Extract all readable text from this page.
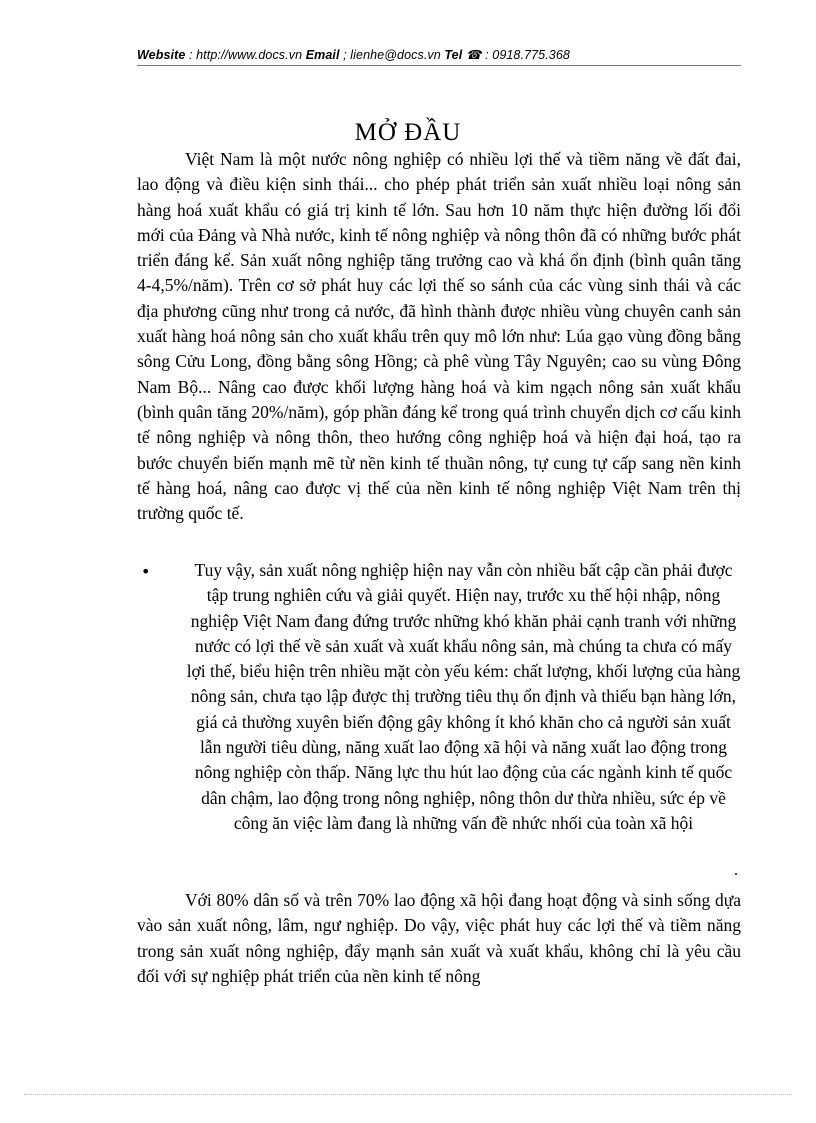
Website : http://www.docs.vn Email ; lienhe@docs.vn Tel ☎ : 0918.775.368
MỞ ĐẦU
Việt Nam là một nước nông nghiệp có nhiều lợi thế và tiềm năng về đất đai, lao động và điều kiện sinh thái... cho phép phát triển sản xuất nhiều loại nông sản hàng hoá xuất khẩu có giá trị kinh tế lớn. Sau hơn 10 năm thực hiện đường lối đổi mới của Đảng và Nhà nước, kinh tế nông nghiệp và nông thôn đã có những bước phát triển đáng kể. Sản xuất nông nghiệp tăng trưởng cao và khá ổn định (bình quân tăng 4-4,5%/năm). Trên cơ sở phát huy các lợi thế so sánh của các vùng sinh thái và các địa phương cũng như trong cả nước, đã hình thành được nhiều vùng chuyên canh sản xuất hàng hoá nông sản cho xuất khẩu trên quy mô lớn như: Lúa gạo vùng đồng bằng sông Cửu Long, đồng bằng sông Hồng; cà phê vùng Tây Nguyên; cao su vùng Đông Nam Bộ... Nâng cao được khối lượng hàng hoá và kim ngạch nông sản xuất khẩu (bình quân tăng 20%/năm), góp phần đáng kể trong quá trình chuyển dịch cơ cấu kinh tế nông nghiệp và nông thôn, theo hướng công nghiệp hoá và hiện đại hoá, tạo ra bước chuyển biến mạnh mẽ từ nền kinh tế thuần nông, tự cung tự cấp sang nền kinh tế hàng hoá, nâng cao được vị thế của nền kinh tế nông nghiệp Việt Nam trên thị trường quốc tế.
•	Tuy vậy, sản xuất nông nghiệp hiện nay vẫn còn nhiều bất cập cần phải được tập trung nghiên cứu và giải quyết. Hiện nay, trước xu thế hội nhập, nông nghiệp Việt Nam đang đứng trước những khó khăn phải cạnh tranh với những nước có lợi thế về sản xuất và xuất khẩu nông sản, mà chúng ta chưa có mấy lợi thế, biểu hiện trên nhiều mặt còn yếu kém: chất lượng, khối lượng của hàng nông sản, chưa tạo lập được thị trường tiêu thụ ổn định và thiếu bạn hàng lớn, giá cả thường xuyên biến động gây không ít khó khăn cho cả người sản xuất lẫn người tiêu dùng, năng xuất lao động xã hội và năng xuất lao động trong nông nghiệp còn thấp. Năng lực thu hút lao động của các ngành kinh tế quốc dân chậm, lao động trong nông nghiệp, nông thôn dư thừa nhiều, sức ép về công ăn việc làm đang là những vấn đề nhức nhối của toàn xã hội
.
Với 80% dân số và trên 70% lao động xã hội đang hoạt động và sinh sống dựa vào sản xuất nông, lâm, ngư nghiệp. Do vậy, việc phát huy các lợi thế và tiềm năng trong sản xuất nông nghiệp, đẩy mạnh sản xuất và xuất khẩu, không chỉ là yêu cầu đối với sự nghiệp phát triển của nền kinh tế nông
